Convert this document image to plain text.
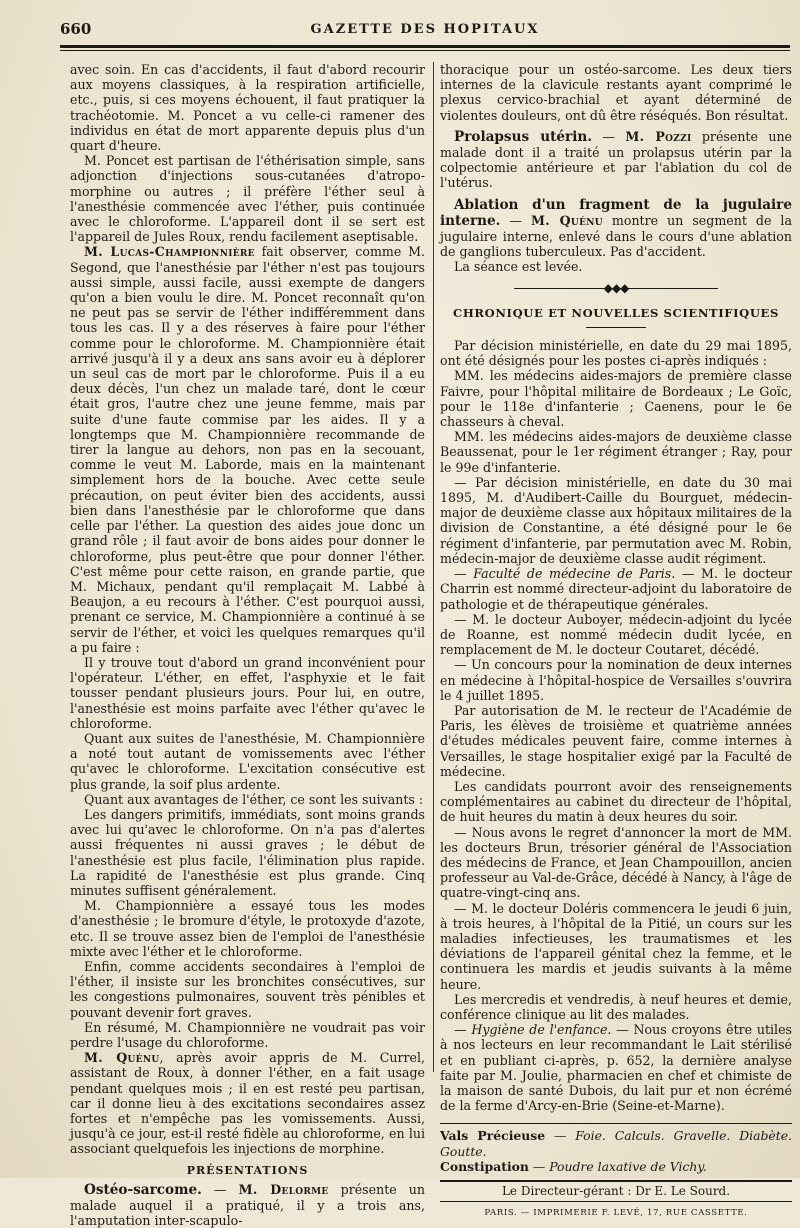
660	GAZETTE DES HOPITAUX

avec soin. En cas d'accidents, il faut d'abord recourir aux moyens classiques, à la respiration artificielle, etc., puis, si ces moyens échouent, il faut pratiquer la trachéotomie. M. Poncet a vu celle-ci ramener des individus en état de mort apparente depuis plus d'un quart d'heure.

M. Poncet est partisan de l'éthérisation simple, sans adjonction d'injections sous-cutanées d'atropo-morphine ou autres ; il préfère l'éther seul à l'anesthésie commencée avec l'éther, puis continuée avec le chloroforme. L'appareil dont il se sert est l'appareil de Jules Roux, rendu facilement aseptisable.

M. Lucas-Championnière fait observer, comme M. Segond, que l'anesthésie par l'éther n'est pas toujours aussi simple, aussi facile, aussi exempte de dangers qu'on a bien voulu le dire. M. Poncet reconnaît qu'on ne peut pas se servir de l'éther indifféremment dans tous les cas. Il y a des réserves à faire pour l'éther comme pour le chloroforme. M. Championnière était arrivé jusqu'à il y a deux ans sans avoir eu à déplorer un seul cas de mort par le chloroforme. Puis il a eu deux décès, l'un chez un malade taré, dont le cœur était gros, l'autre chez une jeune femme, mais par suite d'une faute commise par les aides. Il y a longtemps que M. Championnière recommande de tirer la langue au dehors, non pas en la secouant, comme le veut M. Laborde, mais en la maintenant simplement hors de la bouche. Avec cette seule précaution, on peut éviter bien des accidents, aussi bien dans l'anesthésie par le chloroforme que dans celle par l'éther. La question des aides joue donc un grand rôle ; il faut avoir de bons aides pour donner le chloroforme, plus peut-être que pour donner l'éther. C'est même pour cette raison, en grande partie, que M. Michaux, pendant qu'il remplaçait M. Labbé à Beaujon, a eu recours à l'éther. C'est pourquoi aussi, prenant ce service, M. Championnière a continué à se servir de l'éther, et voici les quelques remarques qu'il a pu faire :

Il y trouve tout d'abord un grand inconvénient pour l'opérateur. L'éther, en effet, l'asphyxie et le fait tousser pendant plusieurs jours. Pour lui, en outre, l'anesthésie est moins parfaite avec l'éther qu'avec le chloroforme.

Quant aux suites de l'anesthésie, M. Championnière a noté tout autant de vomissements avec l'éther qu'avec le chloroforme. L'excitation consécutive est plus grande, la soif plus ardente.

Quant aux avantages de l'éther, ce sont les suivants :

Les dangers primitifs, immédiats, sont moins grands avec lui qu'avec le chloroforme. On n'a pas d'alertes aussi fréquentes ni aussi graves ; le début de l'anesthésie est plus facile, l'élimination plus rapide. La rapidité de l'anesthésie est plus grande. Cinq minutes suffisent généralement.

M. Championnière a essayé tous les modes d'anesthésie ; le bromure d'étyle, le protoxyde d'azote, etc. Il se trouve assez bien de l'emploi de l'anesthésie mixte avec l'éther et le chloroforme.

Enfin, comme accidents secondaires à l'emploi de l'éther, il insiste sur les bronchites consécutives, sur les congestions pulmonaires, souvent très pénibles et pouvant devenir fort graves.

En résumé, M. Championnière ne voudrait pas voir perdre l'usage du chloroforme.

M. Quénu, après avoir appris de M. Currel, assistant de Roux, à donner l'éther, en a fait usage pendant quelques mois ; il en est resté peu partisan, car il donne lieu à des excitations secondaires assez fortes et n'empêche pas les vomissements. Aussi, jusqu'à ce jour, est-il resté fidèle au chloroforme, en lui associant quelquefois les injections de morphine.

PRÉSENTATIONS

Ostéo-sarcome. — M. Delorme présente un malade auquel il a pratiqué, il y a trois ans, l'amputation inter-scapulo-

thoracique pour un ostéo-sarcome. Les deux tiers internes de la clavicule restants ayant comprimé le plexus cervico-brachial et ayant déterminé de violentes douleurs, ont dû être réséqués. Bon résultat.

Prolapsus utérin. — M. Pozzi présente une malade dont il a traité un prolapsus utérin par la colpectomie antérieure et par l'ablation du col de l'utérus.

Ablation d'un fragment de la jugulaire interne. — M. Quénu montre un segment de la jugulaire interne, enlevé dans le cours d'une ablation de ganglions tuberculeux. Pas d'accident.

La séance est levée.

◆◆◆
CHRONIQUE ET NOUVELLES SCIENTIFIQUES

Par décision ministérielle, en date du 29 mai 1895, ont été désignés pour les postes ci-après indiqués :

MM. les médecins aides-majors de première classe Faivre, pour l'hôpital militaire de Bordeaux ; Le Goïc, pour le 118e d'infanterie ; Caenens, pour le 6e chasseurs à cheval.

MM. les médecins aides-majors de deuxième classe Beaussenat, pour le 1er régiment étranger ; Ray, pour le 99e d'infanterie.

— Par décision ministérielle, en date du 30 mai 1895, M. d'Audibert-Caille du Bourguet, médecin-major de deuxième classe aux hôpitaux militaires de la division de Constantine, a été désigné pour le 6e régiment d'infanterie, par permutation avec M. Robin, médecin-major de deuxième classe audit régiment.

— Faculté de médecine de Paris. — M. le docteur Charrin est nommé directeur-adjoint du laboratoire de pathologie et de thérapeutique générales.

— M. le docteur Auboyer, médecin-adjoint du lycée de Roanne, est nommé médecin dudit lycée, en remplacement de M. le docteur Coutaret, décédé.

— Un concours pour la nomination de deux internes en médecine à l'hôpital-hospice de Versailles s'ouvrira le 4 juillet 1895.

Par autorisation de M. le recteur de l'Académie de Paris, les élèves de troisième et quatrième années d'études médicales peuvent faire, comme internes à Versailles, le stage hospitalier exigé par la Faculté de médecine.

Les candidats pourront avoir des renseignements complémentaires au cabinet du directeur de l'hôpital, de huit heures du matin à deux heures du soir.

— Nous avons le regret d'annoncer la mort de MM. les docteurs Brun, trésorier général de l'Association des médecins de France, et Jean Champouillon, ancien professeur au Val-de-Grâce, décédé à Nancy, à l'âge de quatre-vingt-cinq ans.

— M. le docteur Doléris commencera le jeudi 6 juin, à trois heures, à l'hôpital de la Pitié, un cours sur les maladies infectieuses, les traumatismes et les déviations de l'appareil génital chez la femme, et le continuera les mardis et jeudis suivants à la même heure.

Les mercredis et vendredis, à neuf heures et demie, conférence clinique au lit des malades.

— Hygiène de l'enfance. — Nous croyons être utiles à nos lecteurs en leur recommandant le Lait stérilisé et en publiant ci-après, p. 652, la dernière analyse faite par M. Joulie, pharmacien en chef et chimiste de la maison de santé Dubois, du lait pur et non écrémé de la ferme d'Arcy-en-Brie (Seine-et-Marne).

Vals Précieuse — Foie. Calculs. Gravelle. Diabète. Goutte.
Constipation — Poudre laxative de Vichy.
Le Directeur-gérant : Dr E. Le Sourd.
PARIS. — IMPRIMERIE F. LEVÉ, 17, RUE CASSETTE.
